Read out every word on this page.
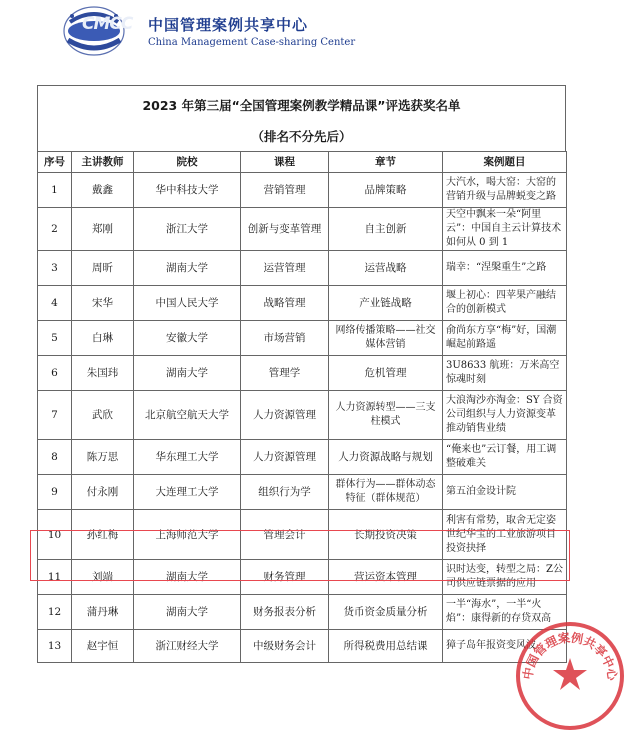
CMCC 中国管理案例共享中心
China Management Case-sharing Center
2023 年第三届“全国管理案例教学精品课”评选获奖名单
（排名不分先后）
序号	主讲教师	院校	课程	章节	案例题目
1	戴鑫	华中科技大学	营销管理	品牌策略	大汽水，喝大窑：大窑的营销升级与品牌蜕变之路
2	郑刚	浙江大学	创新与变革管理	自主创新	天空中飘来一朵“阿里云”：中国自主云计算技术如何从 0 到 1
3	周昕	湖南大学	运营管理	运营战略	瑞幸：“涅槃重生”之路
4	宋华	中国人民大学	战略管理	产业链战略	堰上初心：四苹果产融结合的创新模式
5	白琳	安徽大学	市场营销	网络传播策略——社交媒体营销	俞尚东方享“梅”好，国潮崛起前路遥
6	朱国玮	湖南大学	管理学	危机管理	3U8633 航班：万米高空惊魂时刻
7	武欣	北京航空航天大学	人力资源管理	人力资源转型——三支柱模式	大浪淘沙亦淘金：SY 合资公司组织与人力资源变革推动销售业绩
8	陈万思	华东理工大学	人力资源管理	人力资源战略与规划	“俺来也”云订餐，用工调整破难关
9	付永刚	大连理工大学	组织行为学	群体行为——群体动态特征（群体规范）	第五泊金设计院
10	孙红梅	上海师范大学	管理会计	长期投资决策	利害有常势，取舍无定姿世纪华宝的工业旅游项目投资抉择
11	刘端	湖南大学	财务管理	营运资本管理	识时达变，转型之局：Z公司供应链票据的应用
12	蒲丹琳	湖南大学	财务报表分析	货币资金质量分析	一半“海水”，一半“火焰”：康得新的存贷双高
13	赵宇恒	浙江财经大学	中级财务会计	所得税费用总结课	獐子岛年报资变风波
中国管理案例共享中心
